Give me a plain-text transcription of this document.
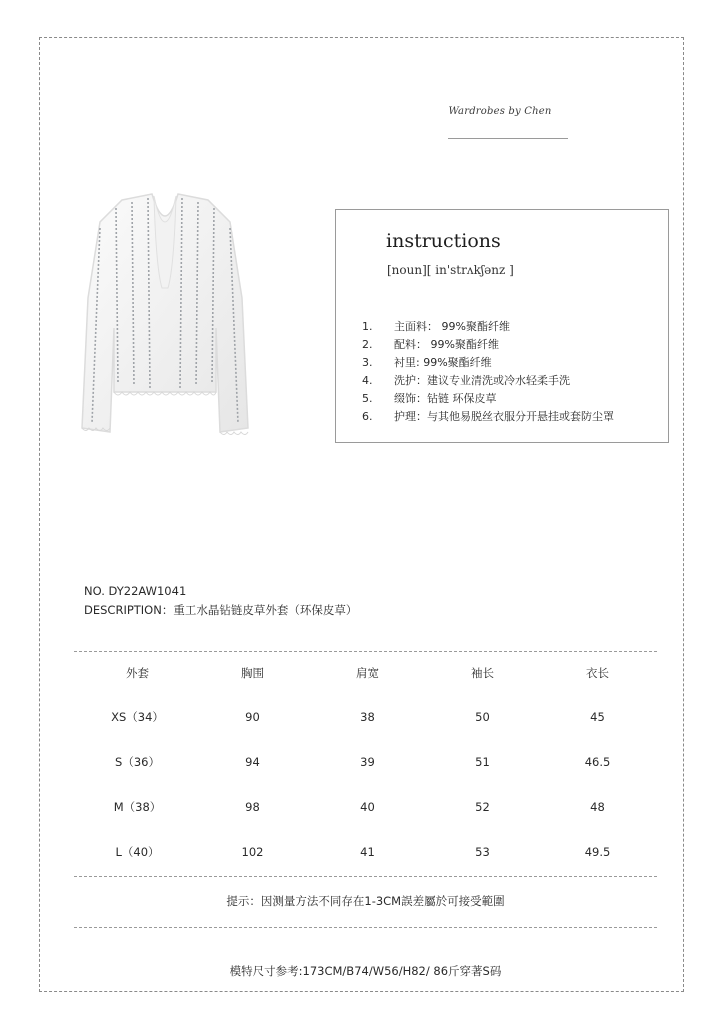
Wardrobes by Chen
instructions
[noun][ in'strʌkʃənz ]
1.	主面料： 99%聚酯纤维
2.	配料： 99%聚酯纤维
3.	衬里: 99%聚酯纤维
4.	洗护：建议专业清洗或冷水轻柔手洗
5.	缀饰：钻链 环保皮草
6.	护理：与其他易脱丝衣服分开悬挂或套防尘罩
NO. DY22AW1041
DESCRIPTION：重工水晶钻链皮草外套（环保皮草）
外套	胸围	肩宽	袖长	衣长
XS（34）	90	38	50	45
S（36）	94	39	51	46.5
M（38）	98	40	52	48
L（40）	102	41	53	49.5
提示：因测量方法不同存在1-3CM誤差屬於可接受範圍
模特尺寸参考:173CM/B74/W56/H82/ 86斤穿著S码
